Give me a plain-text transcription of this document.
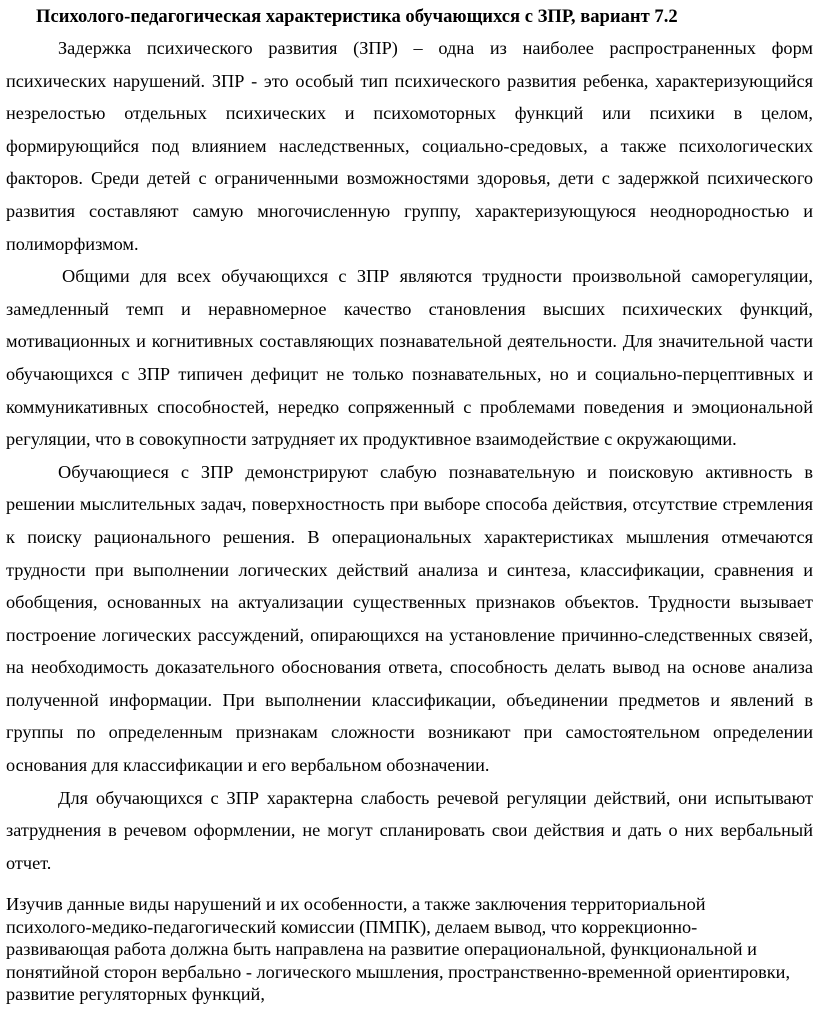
Психолого-педагогическая характеристика обучающихся с ЗПР, вариант 7.2

Задержка психического развития (ЗПР) – одна из наиболее распространенных форм психических нарушений. ЗПР - это особый тип психического развития ребенка, характеризующийся незрелостью отдельных психических и психомоторных функций или психики в целом, формирующийся под влиянием наследственных, социально-средовых, а также психологических факторов. Среди детей с ограниченными возможностями здоровья, дети с задержкой психического развития составляют самую многочисленную группу, характеризующуюся неоднородностью и полиморфизмом.

Общими для всех обучающихся с ЗПР являются трудности произвольной саморегуляции, замедленный темп и неравномерное качество становления высших психических функций, мотивационных и когнитивных составляющих познавательной деятельности. Для значительной части обучающихся с ЗПР типичен дефицит не только познавательных, но и социально-перцептивных и коммуникативных способностей, нередко сопряженный с проблемами поведения и эмоциональной регуляции, что в совокупности затрудняет их продуктивное взаимодействие с окружающими.

Обучающиеся с ЗПР демонстрируют слабую познавательную и поисковую активность в решении мыслительных задач, поверхностность при выборе способа действия, отсутствие стремления к поиску рационального решения. В операциональных характеристиках мышления отмечаются трудности при выполнении логических действий анализа и синтеза, классификации, сравнения и обобщения, основанных на актуализации существенных признаков объектов. Трудности вызывает построение логических рассуждений, опирающихся на установление причинно-следственных связей, на необходимость доказательного обоснования ответа, способность делать вывод на основе анализа полученной информации. При выполнении классификации, объединении предметов и явлений в группы по определенным признакам сложности возникают при самостоятельном определении основания для классификации и его вербальном обозначении.

Для обучающихся с ЗПР характерна слабость речевой регуляции действий, они испытывают затруднения в речевом оформлении, не могут спланировать свои действия и дать о них вербальный отчет.

Изучив данные виды нарушений и их особенности, а также заключения территориальной
психолого-медико-педагогический комиссии (ПМПК), делаем вывод, что коррекционно-
развивающая работа должна быть направлена на развитие операциональной, функциональной и
понятийной сторон вербально - логического мышления, пространственно-временной ориентировки,
развитие регуляторных функций,
